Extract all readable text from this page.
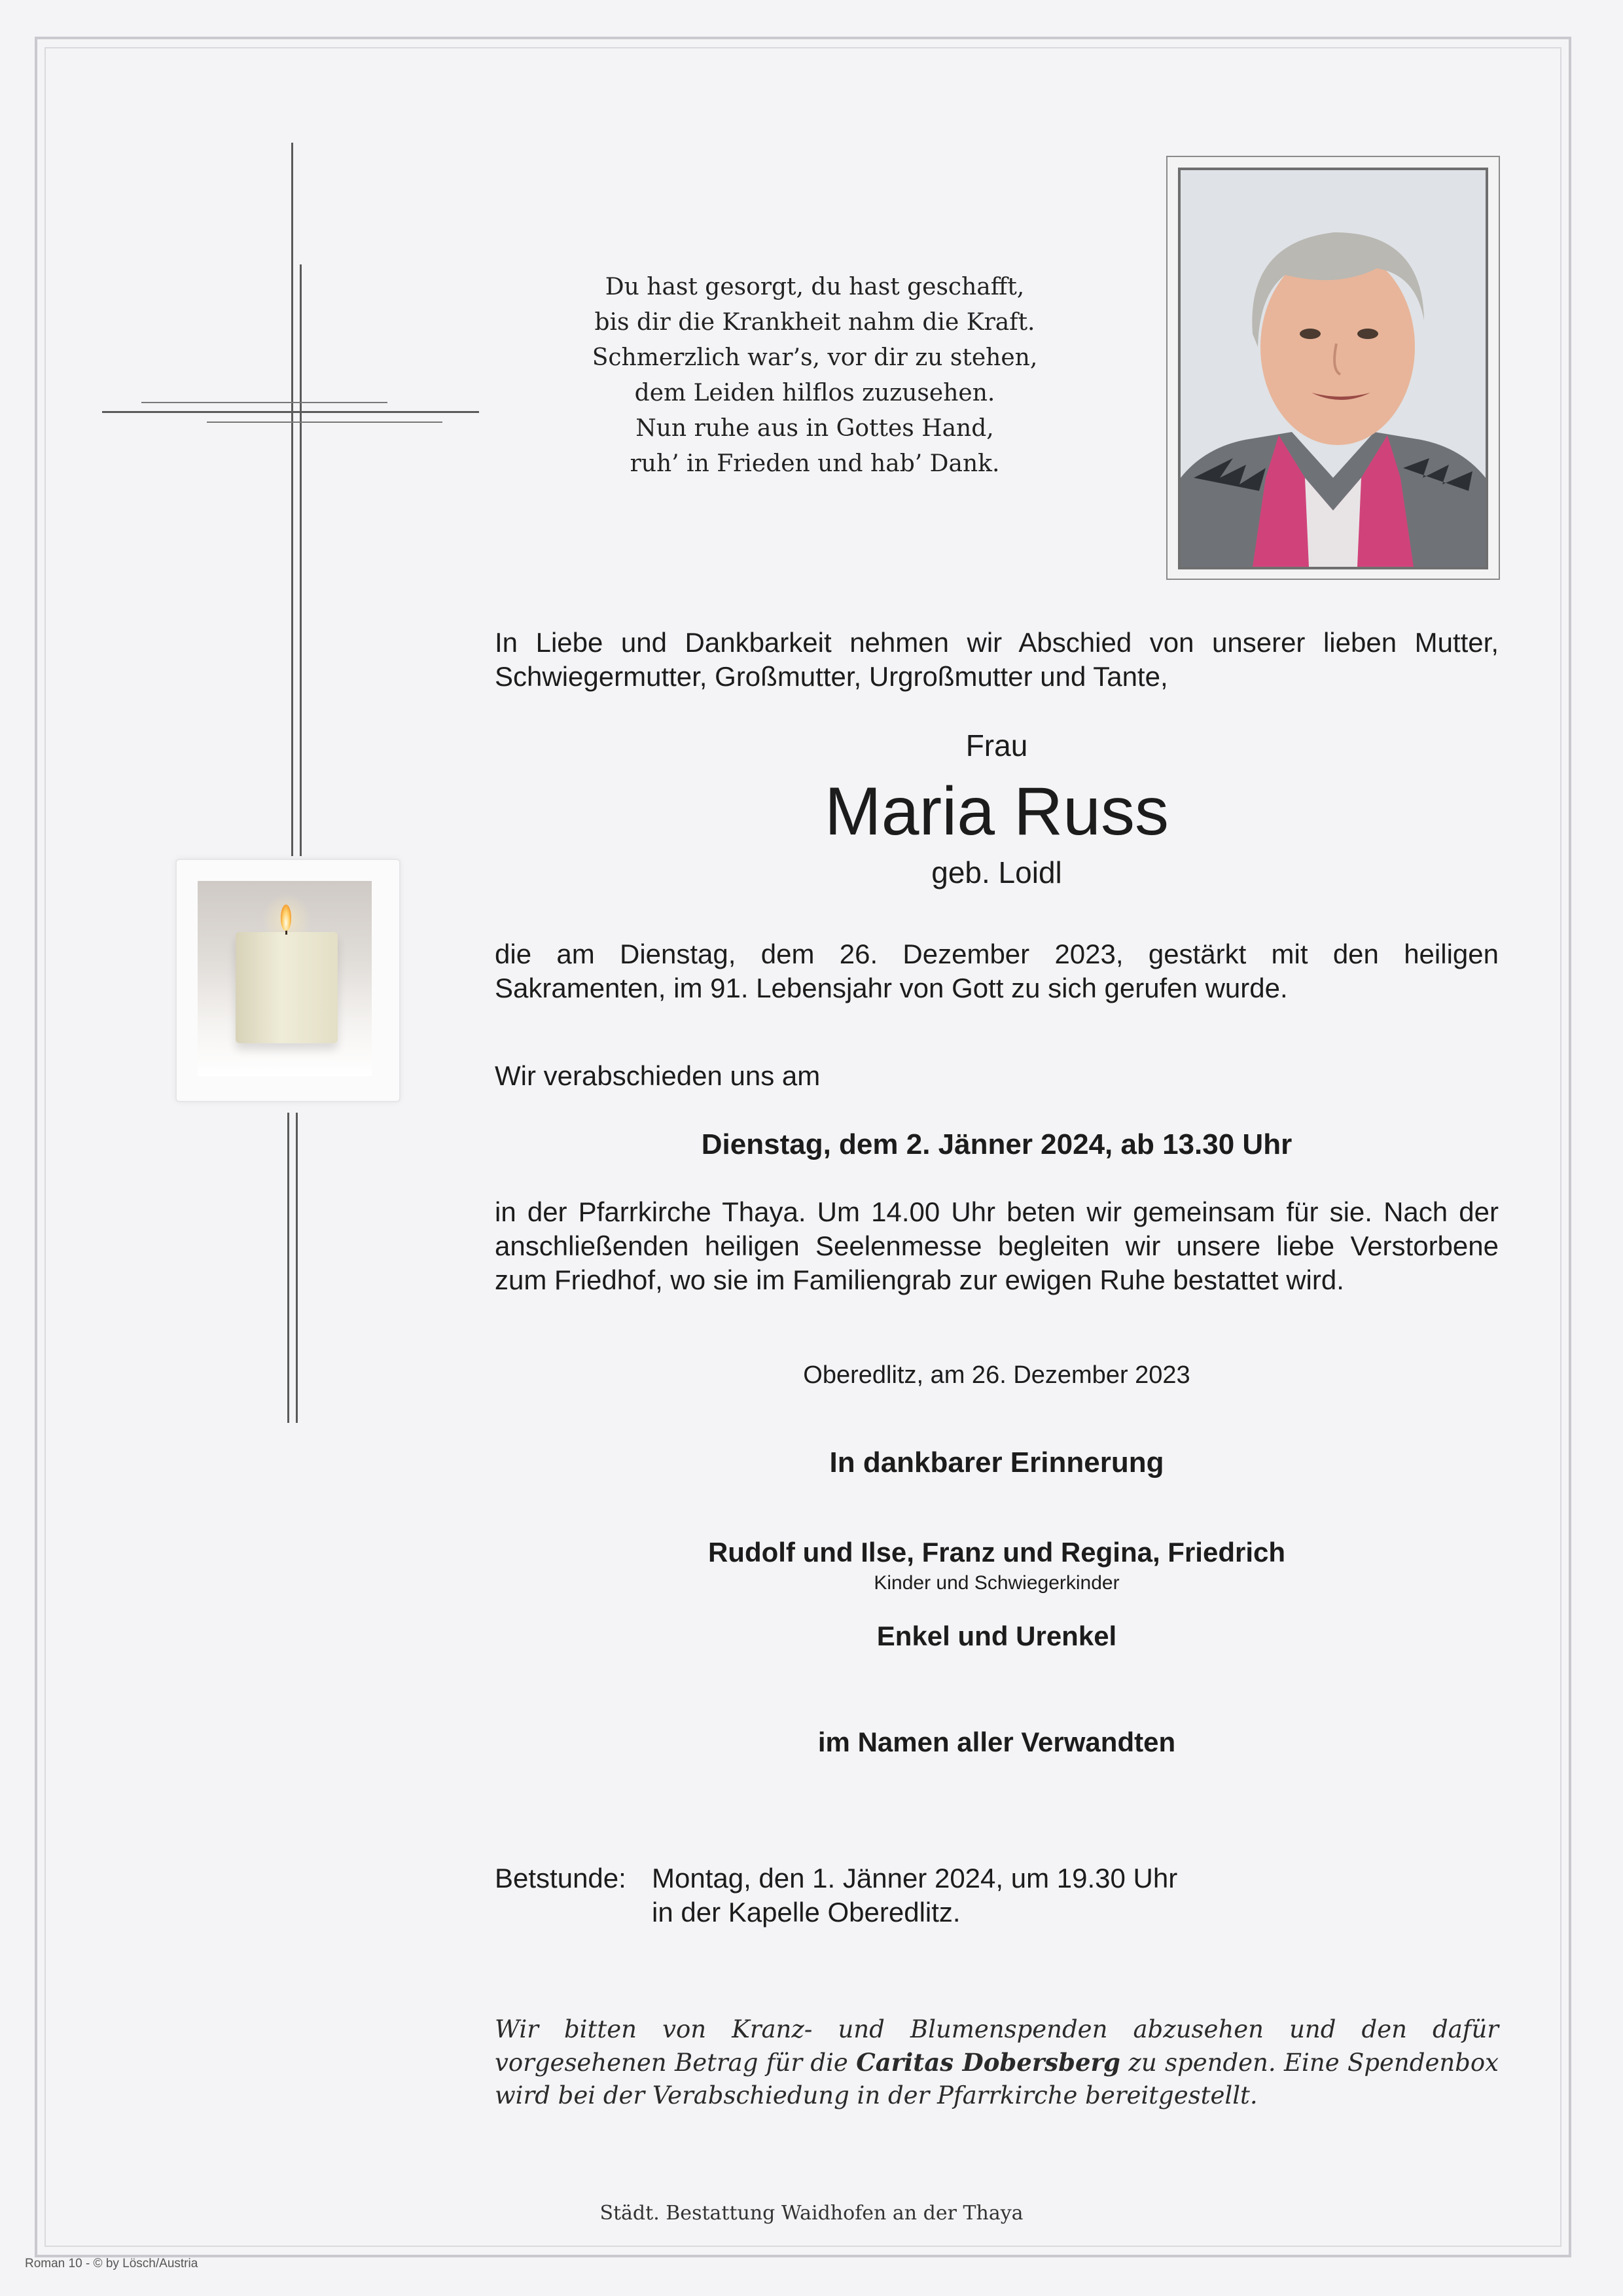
Du hast gesorgt, du hast geschafft,
bis dir die Krankheit nahm die Kraft.
Schmerzlich war’s, vor dir zu stehen,
dem Leiden hilflos zuzusehen.
Nun ruhe aus in Gottes Hand,
ruh’ in Frieden und hab’ Dank.
In Liebe und Dankbarkeit nehmen wir Abschied von unserer lieben Mutter, Schwiegermutter, Großmutter, Urgroßmutter und Tante,
Frau
Maria Russ
geb. Loidl
die am Dienstag, dem 26. Dezember 2023, gestärkt mit den heiligen Sakramenten, im 91. Lebensjahr von Gott zu sich gerufen wurde.
Wir verabschieden uns am
Dienstag, dem 2. Jänner 2024, ab 13.30 Uhr
in der Pfarrkirche Thaya. Um 14.00 Uhr beten wir gemeinsam für sie. Nach der anschließenden heiligen Seelenmesse begleiten wir unsere liebe Verstorbene zum Friedhof, wo sie im Familiengrab zur ewigen Ruhe bestattet wird.
Oberedlitz, am 26. Dezember 2023
In dankbarer Erinnerung
Rudolf und Ilse, Franz und Regina, Friedrich
Kinder und Schwiegerkinder
Enkel und Urenkel
im Namen aller Verwandten
Betstunde: Montag, den 1. Jänner 2024, um 19.30 Uhr
in der Kapelle Oberedlitz.
Wir bitten von Kranz- und Blumenspenden abzusehen und den dafür vorgesehenen Betrag für die Caritas Dobersberg zu spenden. Eine Spendenbox wird bei der Verabschiedung in der Pfarrkirche bereitgestellt.
Städt. Bestattung Waidhofen an der Thaya
Roman 10 - © by Lösch/Austria
